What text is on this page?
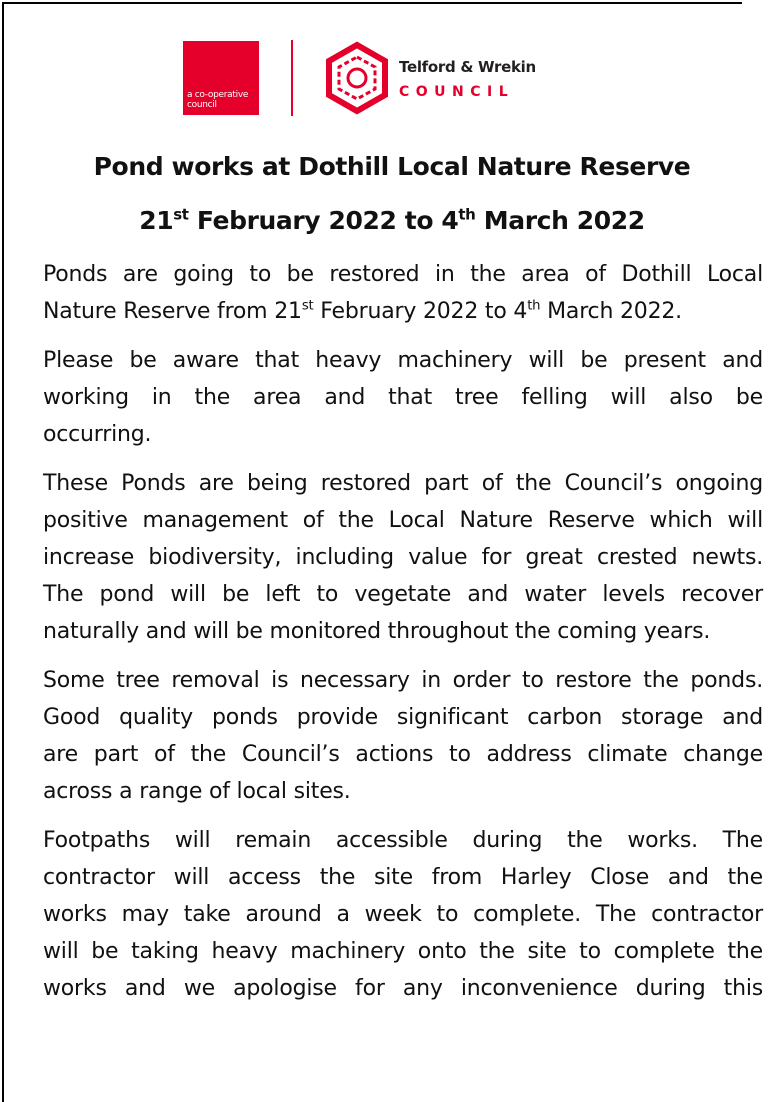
a co-operative council
Telford & Wrekin
COUNCIL
Pond works at Dothill Local Nature Reserve
21st February 2022 to 4th March 2022

Ponds are going to be restored in the area of Dothill Local
Nature Reserve from 21st February 2022 to 4th March 2022.

Please be aware that heavy machinery will be present and
working in the area and that tree felling will also be
occurring.

These Ponds are being restored part of the Council’s ongoing
positive management of the Local Nature Reserve which will
increase biodiversity, including value for great crested newts.
The pond will be left to vegetate and water levels recover
naturally and will be monitored throughout the coming years.

Some tree removal is necessary in order to restore the ponds.
Good quality ponds provide significant carbon storage and
are part of the Council’s actions to address climate change
across a range of local sites.

Footpaths will remain accessible during the works. The
contractor will access the site from Harley Close and the
works may take around a week to complete. The contractor
will be taking heavy machinery onto the site to complete the
works and we apologise for any inconvenience during this
